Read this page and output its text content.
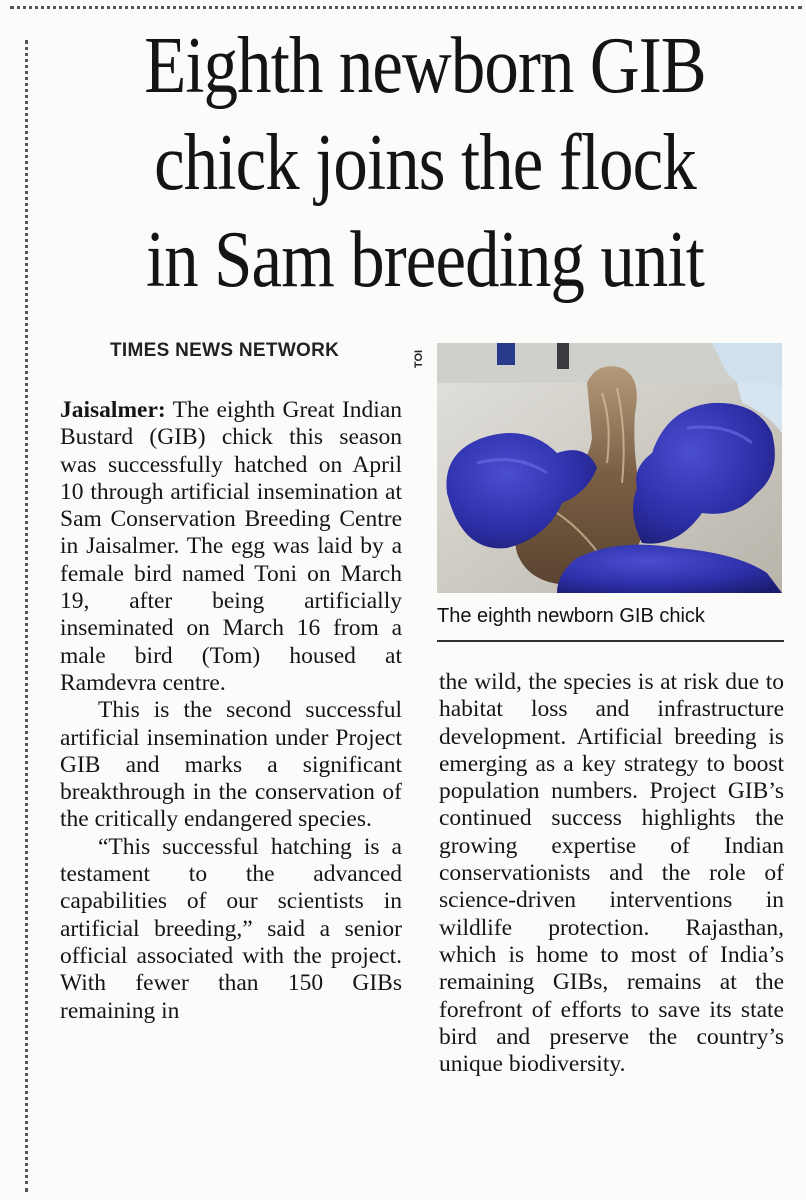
Eighth newborn GIB
chick joins the flock
in Sam breeding unit
TIMES NEWS NETWORK	TOI
The eighth newborn GIB chick

Jaisalmer: The eighth Great Indian Bustard (GIB) chick this season was successfully hatched on April 10 through artificial insemination at Sam Conservation Breeding Centre in Jaisalmer. The egg was laid by a female bird named Toni on March 19, after being artificially inseminated on March 16 from a male bird (Tom) housed at Ramdevra centre.

This is the second successful artificial insemination under Project GIB and marks a significant breakthrough in the conservation of the critically endangered species.

“This successful hatching is a testament to the advanced capabilities of our scientists in artificial breeding,” said a senior official associated with the project. With fewer than 150 GIBs remaining in

the wild, the species is at risk due to habitat loss and infrastructure development. Artificial breeding is emerging as a key strategy to boost population numbers. Project GIB’s continued success highlights the growing expertise of Indian conservationists and the role of science-driven interventions in wildlife protection. Rajasthan, which is home to most of India’s remaining GIBs, remains at the forefront of efforts to save its state bird and preserve the country’s unique biodiversity.
